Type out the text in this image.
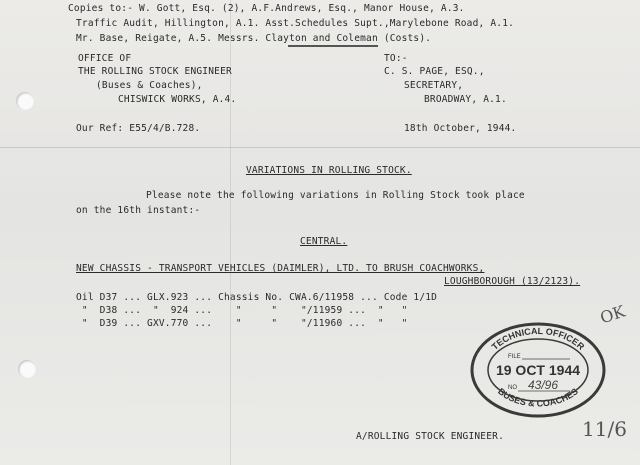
Copies to:- W. Gott, Esq. (2), A.F.Andrews, Esq., Manor House, A.3.
Traffic Audit, Hillington, A.1. Asst.Schedules Supt.,Marylebone Road, A.1.
Mr. Base, Reigate, A.5. Messrs. Clayton and Coleman (Costs).
OFFICE OF
THE ROLLING STOCK ENGINEER
(Buses & Coaches),
CHISWICK WORKS, A.4.
TO:-
C. S. PAGE, ESQ.,
SECRETARY,
BROADWAY, A.1.
Our Ref: E55/4/B.728.	18th October, 1944.
VARIATIONS IN ROLLING STOCK.
Please note the following variations in Rolling Stock took place
on the 16th instant:-
CENTRAL.
NEW CHASSIS - TRANSPORT VEHICLES (DAIMLER), LTD. TO BRUSH COACHWORKS,
LOUGHBOROUGH (13/2123).
Oil D37 ... GLX.923 ... Chassis No. CWA.6/11958 ... Code 1/1D
"  D38 ...  "  924 ...    "     "    "/11959 ...  "   "
"  D39 ... GXV.770 ...    "     "    "/11960 ...  "   "
A/ROLLING STOCK ENGINEER.
TECHNICAL OFFICER
BUSES & COACHES
FILE
19 OCT 1944
NO 43/96
OK
11/6
